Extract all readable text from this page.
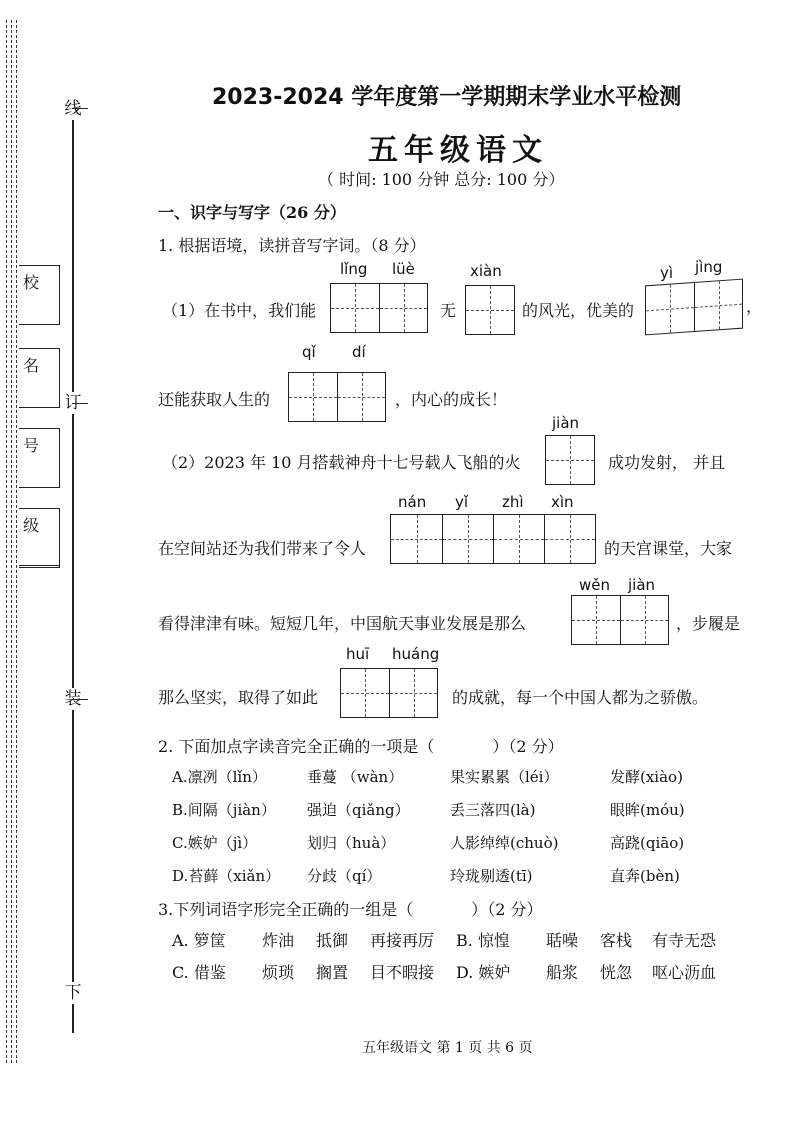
线
订
装
下
校
名
号
级
2023-2024 学年度第一学期期末学业水平检测
五年级语文
（ 时间: 100 分钟 总分: 100 分）
一、识字与写字（26 分）
1. 根据语境，读拼音写字词。（8 分）
lǐng lüè	xiàn	yì jìng
（1）在书中，我们能	无	的风光，优美的	，
qǐ dí
还能获取人生的	，内心的成长！
jiàn
（2）2023 年 10 月搭载神舟十七号载人飞船的火	成功发射， 并且
nán yǐ zhì xìn
在空间站还为我们带来了令人	的天宫课堂，大家
wěn jiàn
看得津津有味。短短几年，中国航天事业发展是那么	，步履是
huī huáng
那么坚实，取得了如此	的成就，每一个中国人都为之骄傲。
2. 下面加点字读音完全正确的一项是（	）（2 分）
A.凛冽（lǐn）	垂蔓 （wàn）	果实累累（léi）	发酵(xiào)
B.间隔（jiàn） 强迫（qiǎng）	丢三落四(là)	眼眸(móu)
C.嫉妒（jì）	划归（huà）	人影绰绰(chuò)	高跷(qiāo)
D.苔藓（xiǎn） 分歧（qí）	玲珑剔透(tī)	直奔(bèn)
3.下列词语字形完全正确的一组是（	）（2 分）
A. 箩筐 炸油 抵御 再接再厉 B. 惊惶 聒噪 客栈 有寺无恐
C. 借鉴 烦琐 搁置 目不暇接 D. 嫉妒 船浆 恍忽 呕心沥血
五年级语文 第 1 页 共 6 页
